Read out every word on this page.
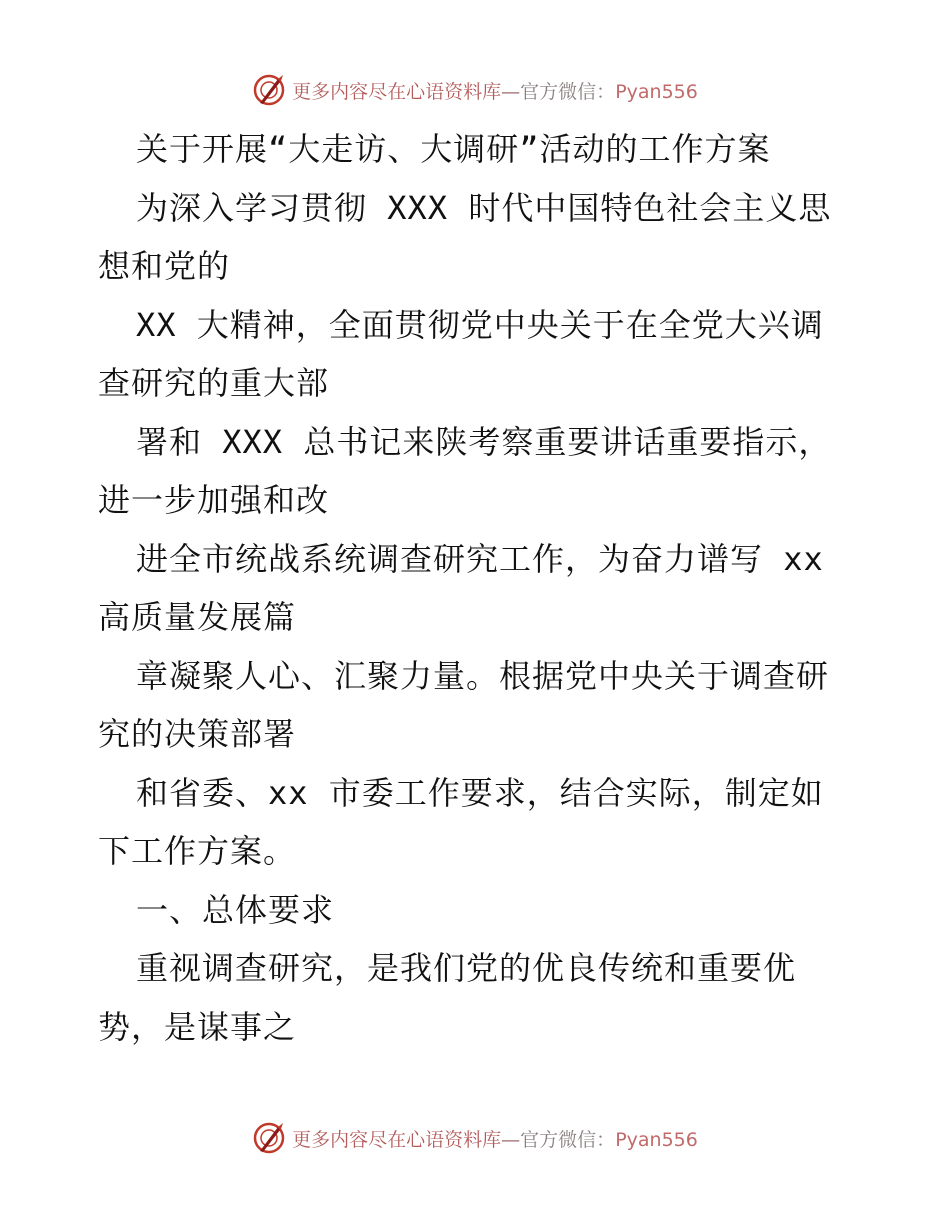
更多内容尽在心语资料库—官方微信：Pyan556
关于开展“大走访、大调研”活动的工作方案
为深入学习贯彻 XXX 时代中国特色社会主义思
想和党的
XX 大精神，全面贯彻党中央关于在全党大兴调
查研究的重大部
署和 XXX 总书记来陕考察重要讲话重要指示，
进一步加强和改
进全市统战系统调查研究工作，为奋力谱写 xx
高质量发展篇
章凝聚人心、汇聚力量。根据党中央关于调查研
究的决策部署
和省委、xx 市委工作要求，结合实际，制定如
下工作方案。
一、总体要求
重视调查研究，是我们党的优良传统和重要优
势，是谋事之
更多内容尽在心语资料库—官方微信：Pyan556
